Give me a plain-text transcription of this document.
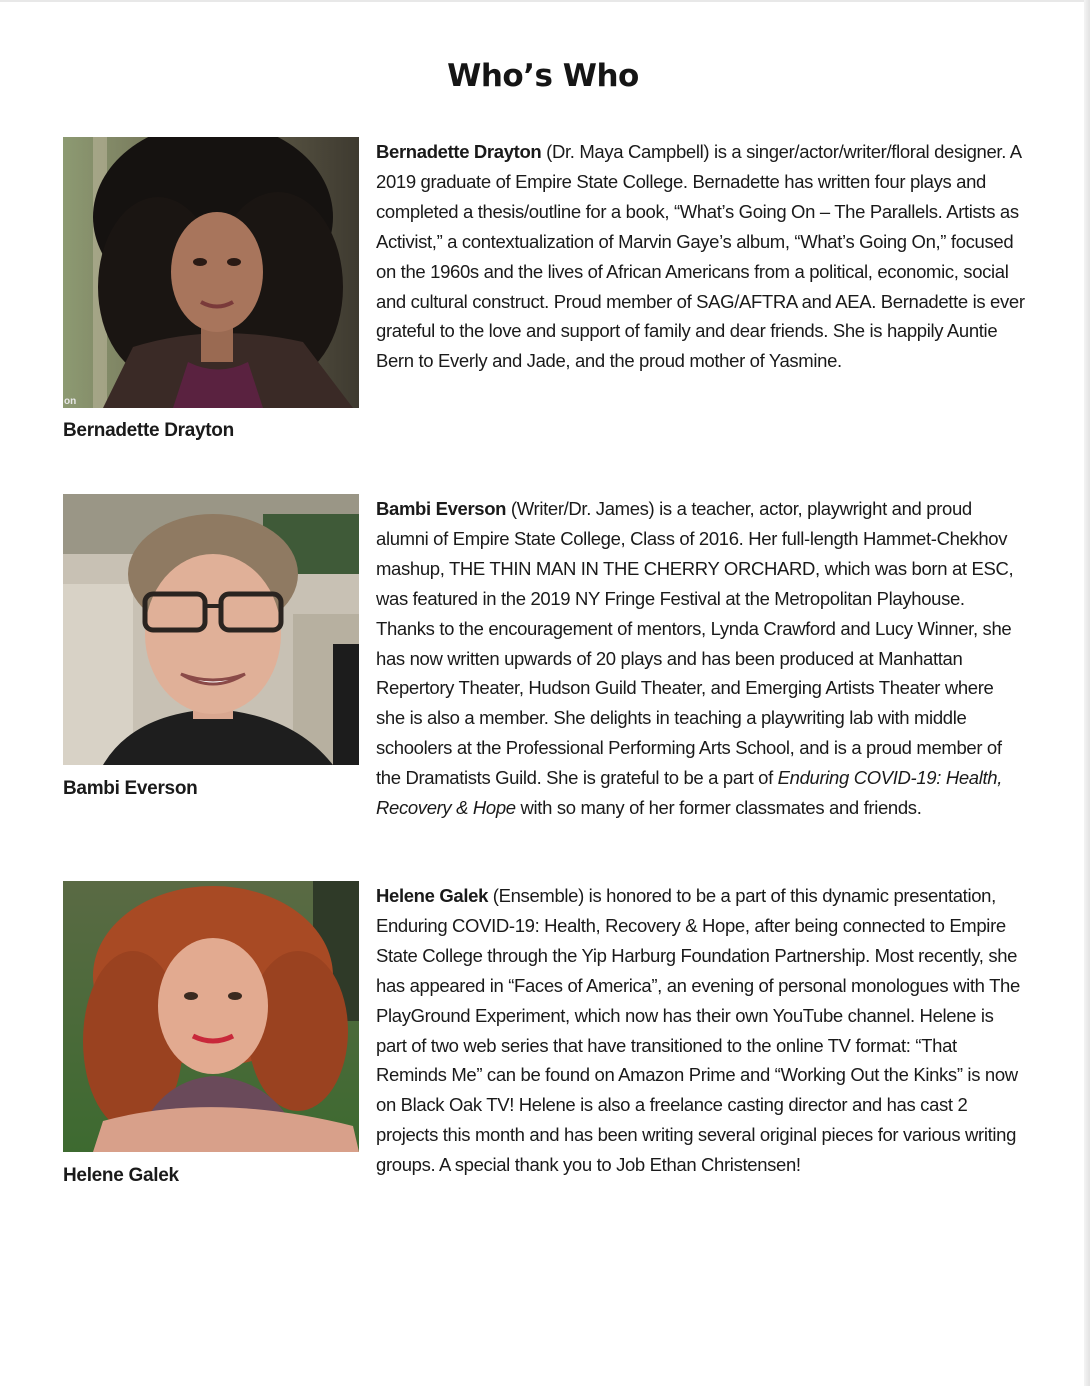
Who’s Who
on
Bernadette Drayton

Bernadette Drayton (Dr. Maya Campbell) is a singer/actor/writer/floral designer. A 2019 graduate of Empire State College. Bernadette has written four plays and completed a thesis/outline for a book, “What’s Going On – The Parallels. Artists as Activist,” a contextualization of Marvin Gaye’s album, “What’s Going On,” focused on the 1960s and the lives of African Americans from a political, economic, social and cultural construct. Proud member of SAG/AFTRA and AEA. Bernadette is ever grateful to the love and support of family and dear friends. She is happily Auntie Bern to Everly and Jade, and the proud mother of Yasmine.

Bambi Everson

Bambi Everson (Writer/Dr. James) is a teacher, actor, playwright and proud alumni of Empire State College, Class of 2016. Her full-length Hammet-Chekhov mashup, THE THIN MAN IN THE CHERRY ORCHARD, which was born at ESC, was featured in the 2019 NY Fringe Festival at the Metropolitan Playhouse. Thanks to the encouragement of mentors, Lynda Crawford and Lucy Winner, she has now written upwards of 20 plays and has been produced at Manhattan Repertory Theater, Hudson Guild Theater, and Emerging Artists Theater where she is also a member. She delights in teaching a playwriting lab with middle schoolers at the Professional Performing Arts School, and is a proud member of the Dramatists Guild. She is grateful to be a part of Enduring COVID-19: Health, Recovery & Hope with so many of her former classmates and friends.

Helene Galek

Helene Galek (Ensemble) is honored to be a part of this dynamic presentation, Enduring COVID-19: Health, Recovery & Hope, after being connected to Empire State College through the Yip Harburg Foundation Partnership. Most recently, she has appeared in “Faces of America”, an evening of personal monologues with The PlayGround Experiment, which now has their own YouTube channel. Helene is part of two web series that have transitioned to the online TV format: “That Reminds Me” can be found on Amazon Prime and “Working Out the Kinks” is now on Black Oak TV! Helene is also a freelance casting director and has cast 2 projects this month and has been writing several original pieces for various writing groups. A special thank you to Job Ethan Christensen!
